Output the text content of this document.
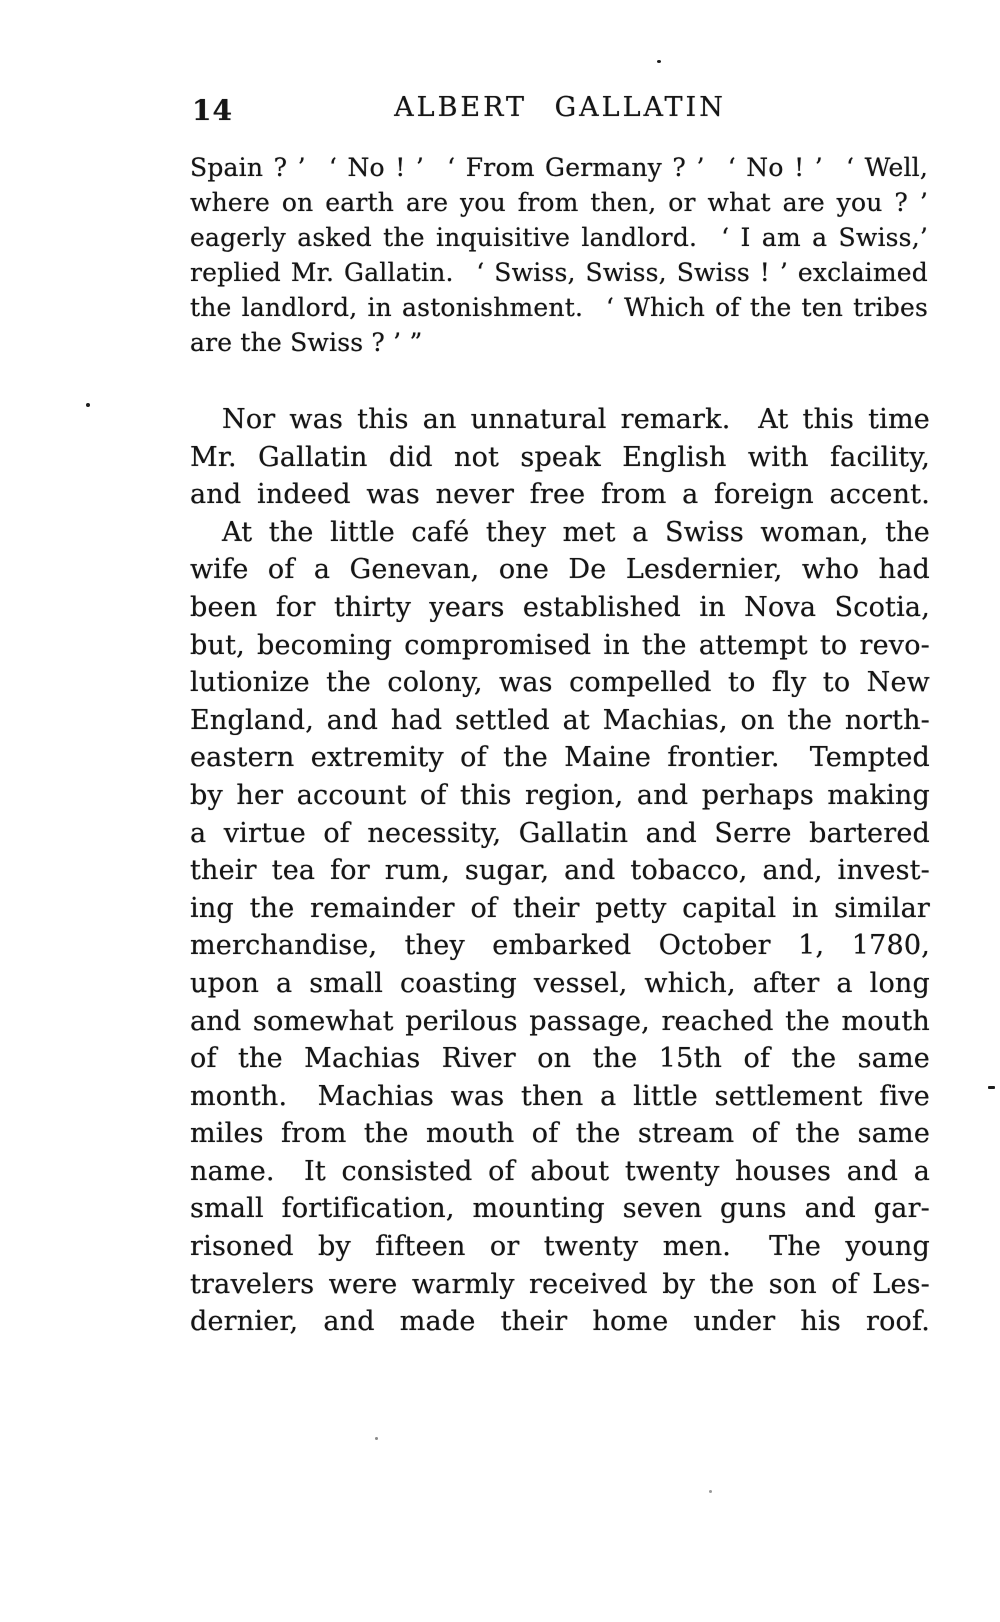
14	ALBERT GALLATIN
Spain ? ’  ‘ No ! ’  ‘ From Germany ? ’  ‘ No ! ’  ‘ Well,
where on earth are you from then, or what are you ? ’
eagerly asked the inquisitive landlord.  ‘ I am a Swiss,’
replied Mr. Gallatin.  ‘ Swiss, Swiss, Swiss ! ’ exclaimed
the landlord, in astonishment.  ‘ Which of the ten tribes
are the Swiss ? ’ ”
Nor was this an unnatural remark.  At this time
Mr. Gallatin did not speak English with facility,
and indeed was never free from a foreign accent.
At the little café they met a Swiss woman, the
wife of a Genevan, one De Lesdernier, who had
been for thirty years established in Nova Scotia,
but, becoming compromised in the attempt to revo-
lutionize the colony, was compelled to fly to New
England, and had settled at Machias, on the north-
eastern extremity of the Maine frontier.  Tempted
by her account of this region, and perhaps making
a virtue of necessity, Gallatin and Serre bartered
their tea for rum, sugar, and tobacco, and, invest-
ing the remainder of their petty capital in similar
merchandise, they embarked October 1, 1780,
upon a small coasting vessel, which, after a long
and somewhat perilous passage, reached the mouth
of the Machias River on the 15th of the same
month.  Machias was then a little settlement five
miles from the mouth of the stream of the same
name.  It consisted of about twenty houses and a
small fortification, mounting seven guns and gar-
risoned by fifteen or twenty men.  The young
travelers were warmly received by the son of Les-
dernier, and made their home under his roof.
